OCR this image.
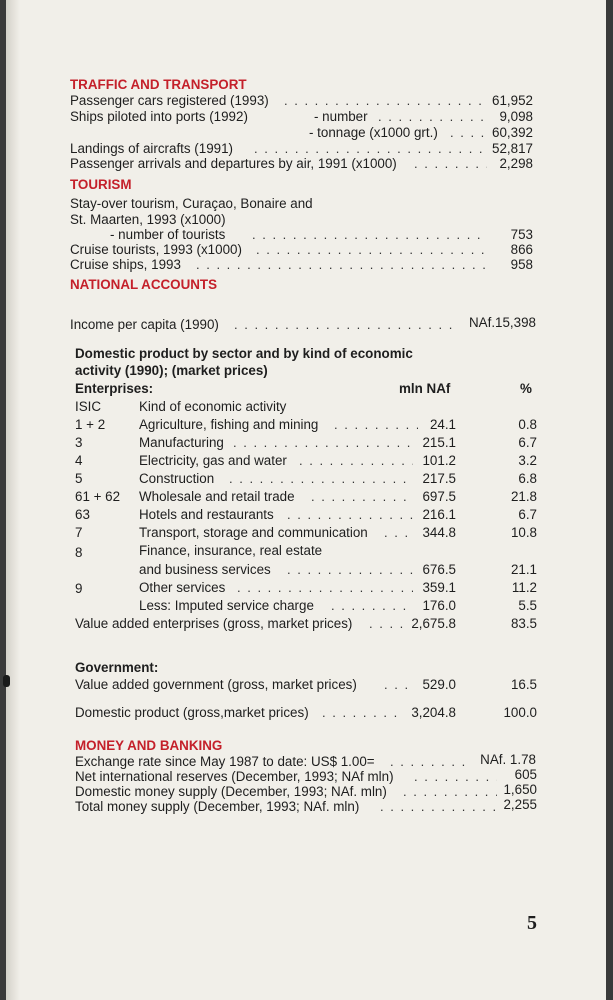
TRAFFIC AND TRANSPORT
Passenger cars registered (1993) . . .	61,952
Ships piloted into ports (1992)	- number . . .	9,098
- tonnage (x1000 grt.) . . .	60,392
Landings of aircrafts (1991) . . .	52,817
Passenger arrivals and departures by air, 1991 (x1000) . . .	2,298
TOURISM
Stay-over tourism, Curaçao, Bonaire and
St. Maarten, 1993 (x1000)
- number of tourists . . .	753
Cruise tourists, 1993 (x1000) . . .	866
Cruise ships, 1993 . . .	958
NATIONAL ACCOUNTS
Income per capita (1990) . . .	NAf.15,398
Domestic product by sector and by kind of economic
activity (1990); (market prices)
Enterprises:	mln NAf	%
ISIC	Kind of economic activity
1 + 2	Agriculture, fishing and mining . . .	24.1	0.8
3	Manufacturing . . .	215.1	6.7
4	Electricity, gas and water . . .	101.2	3.2
5	Construction . . .	217.5	6.8
61 + 62 Wholesale and retail trade . . .	697.5	21.8
63	Hotels and restaurants . . .	216.1	6.7
7	Transport, storage and communication . . .	344.8	10.8
8	Finance, insurance, real estate
and business services . . .	676.5	21.1
9	Other services . . .	359.1	11.2
Less: Imputed service charge . . .	176.0	5.5
Value added enterprises (gross, market prices) . . .	2,675.8	83.5
Government:
Value added government (gross, market prices) . . .	529.0	16.5
Domestic product (gross,market prices) . . .	3,204.8	100.0
MONEY AND BANKING
Exchange rate since May 1987 to date: US$ 1.00= . . .	NAf. 1.78
Net international reserves (December, 1993; NAf mln) . . .	605
Domestic money supply (December, 1993; NAf. mln) . . .	1,650
Total money supply (December, 1993; NAf. mln) . . .	2,255
5
